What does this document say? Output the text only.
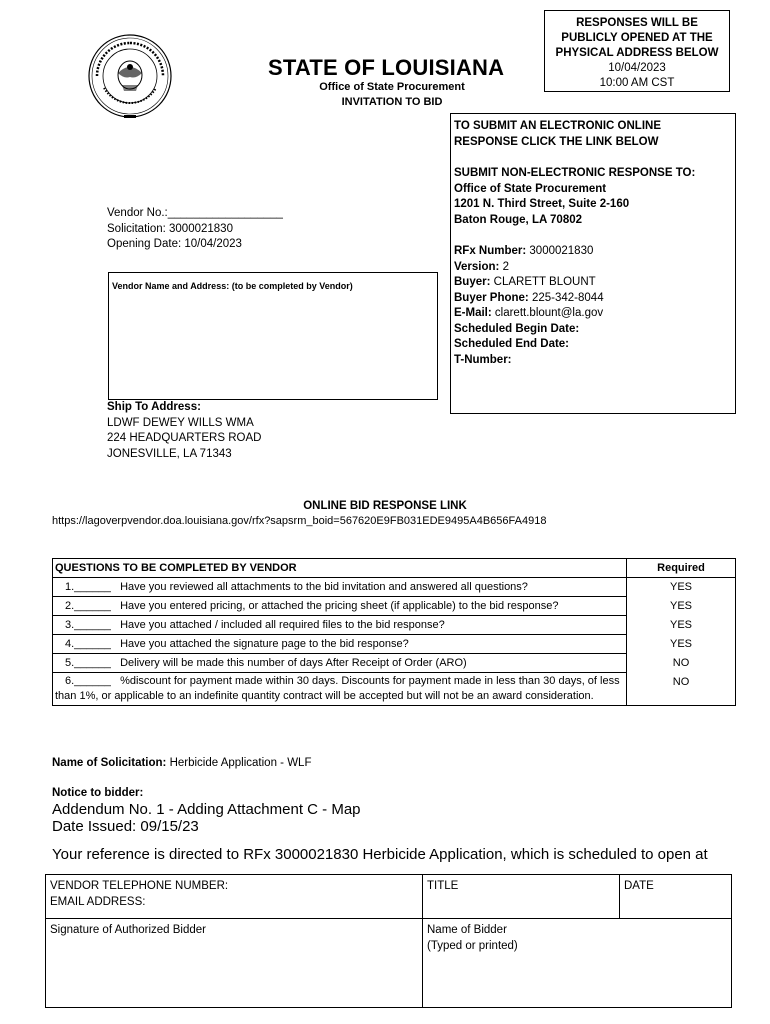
STATE OF LOUISIANA
Office of State Procurement
INVITATION TO BID
RESPONSES WILL BE
PUBLICLY OPENED AT THE
PHYSICAL ADDRESS BELOW
10/04/2023
10:00 AM CST
TO SUBMIT AN ELECTRONIC ONLINE
RESPONSE CLICK THE LINK BELOW
SUBMIT NON-ELECTRONIC RESPONSE TO:
Office of State Procurement
1201 N. Third Street, Suite 2-160
Baton Rouge, LA 70802
RFx Number: 3000021830
Version: 2
Buyer: CLARETT BLOUNT
Buyer Phone: 225-342-8044
E-Mail: clarett.blount@la.gov
Scheduled Begin Date:
Scheduled End Date:
T-Number:
Vendor No.:__________________
Solicitation: 3000021830
Opening Date: 10/04/2023
Vendor Name and Address: (to be completed by Vendor)
Ship To Address:
LDWF DEWEY WILLS WMA
224 HEADQUARTERS ROAD
JONESVILLE, LA 71343
ONLINE BID RESPONSE LINK
https://lagoverpvendor.doa.louisiana.gov/rfx?sapsrm_boid=567620E9FB031EDE9495A4B656FA4918
QUESTIONS TO BE COMPLETED BY VENDOR	Required
1.______ Have you reviewed all attachments to the bid invitation and answered all questions?	YES
2.______ Have you entered pricing, or attached the pricing sheet (if applicable) to the bid response?	YES
3.______ Have you attached / included all required files to the bid response?	YES
4.______ Have you attached the signature page to the bid response?	YES
5.______ Delivery will be made this number of days After Receipt of Order (ARO)	NO
6.______ %discount for payment made within 30 days. Discounts for payment made in less than 30 days, of less than 1%, or applicable to an indefinite quantity contract will be accepted but will not be an award consideration.	NO
Name of Solicitation: Herbicide Application - WLF
Notice to bidder:
Addendum No. 1 - Adding Attachment C - Map
Date Issued: 09/15/23
Your reference is directed to RFx 3000021830 Herbicide Application, which is scheduled to open at
VENDOR TELEPHONE NUMBER:
EMAIL ADDRESS:	TITLE	DATE
Signature of Authorized Bidder	Name of Bidder
(Typed or printed)	
